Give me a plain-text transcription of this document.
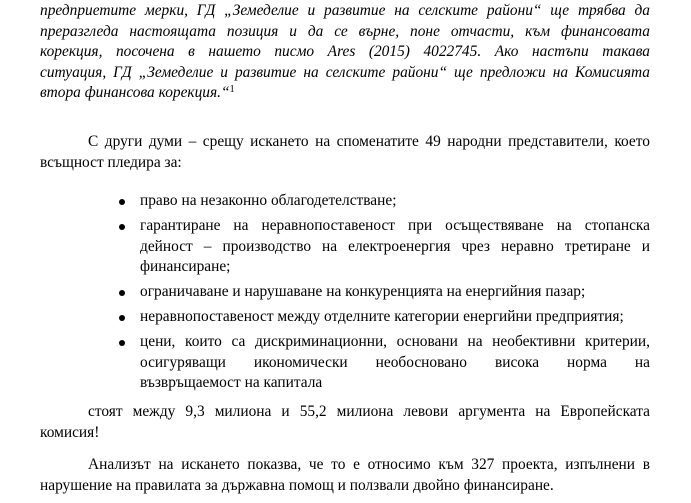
предприетите мерки, ГД „Земеделие и развитие на селските райони“ ще трябва да
преразгледа настоящата позиция и да се върне, поне отчасти, към финансовата
корекция, посочена в нашето писмо Ares (2015) 4022745. Ако настъпи такава
ситуация, ГД „Земеделие и развитие на селските райони“ ще предложи на Комисията
втора финансова корекция.“$^1$

С други думи – срещу искането на споменатите 49 народни представители, което
всъщност пледира за:

право на незаконно облагодетелстване;
гарантиране на неравнопоставеност при осъществяване на стопанска
дейност – производство на електроенергия чрез неравно третиране и
финансиране;
ограничаване и нарушаване на конкуренцията на енергийния пазар;
неравнопоставеност между отделните категории енергийни предприятия;
цени, които са дискриминационни, основани на необективни критерии,
осигуряващи икономически необосновано висока норма на
възвръщаемост на капитала

стоят между 9,3 милиона и 55,2 милиона левови аргумента на Европейската
комисия!

Анализът на искането показва, че то е относимо към 327 проекта, изпълнени в
нарушение на правилата за държавна помощ и ползвали двойно финансиране.
